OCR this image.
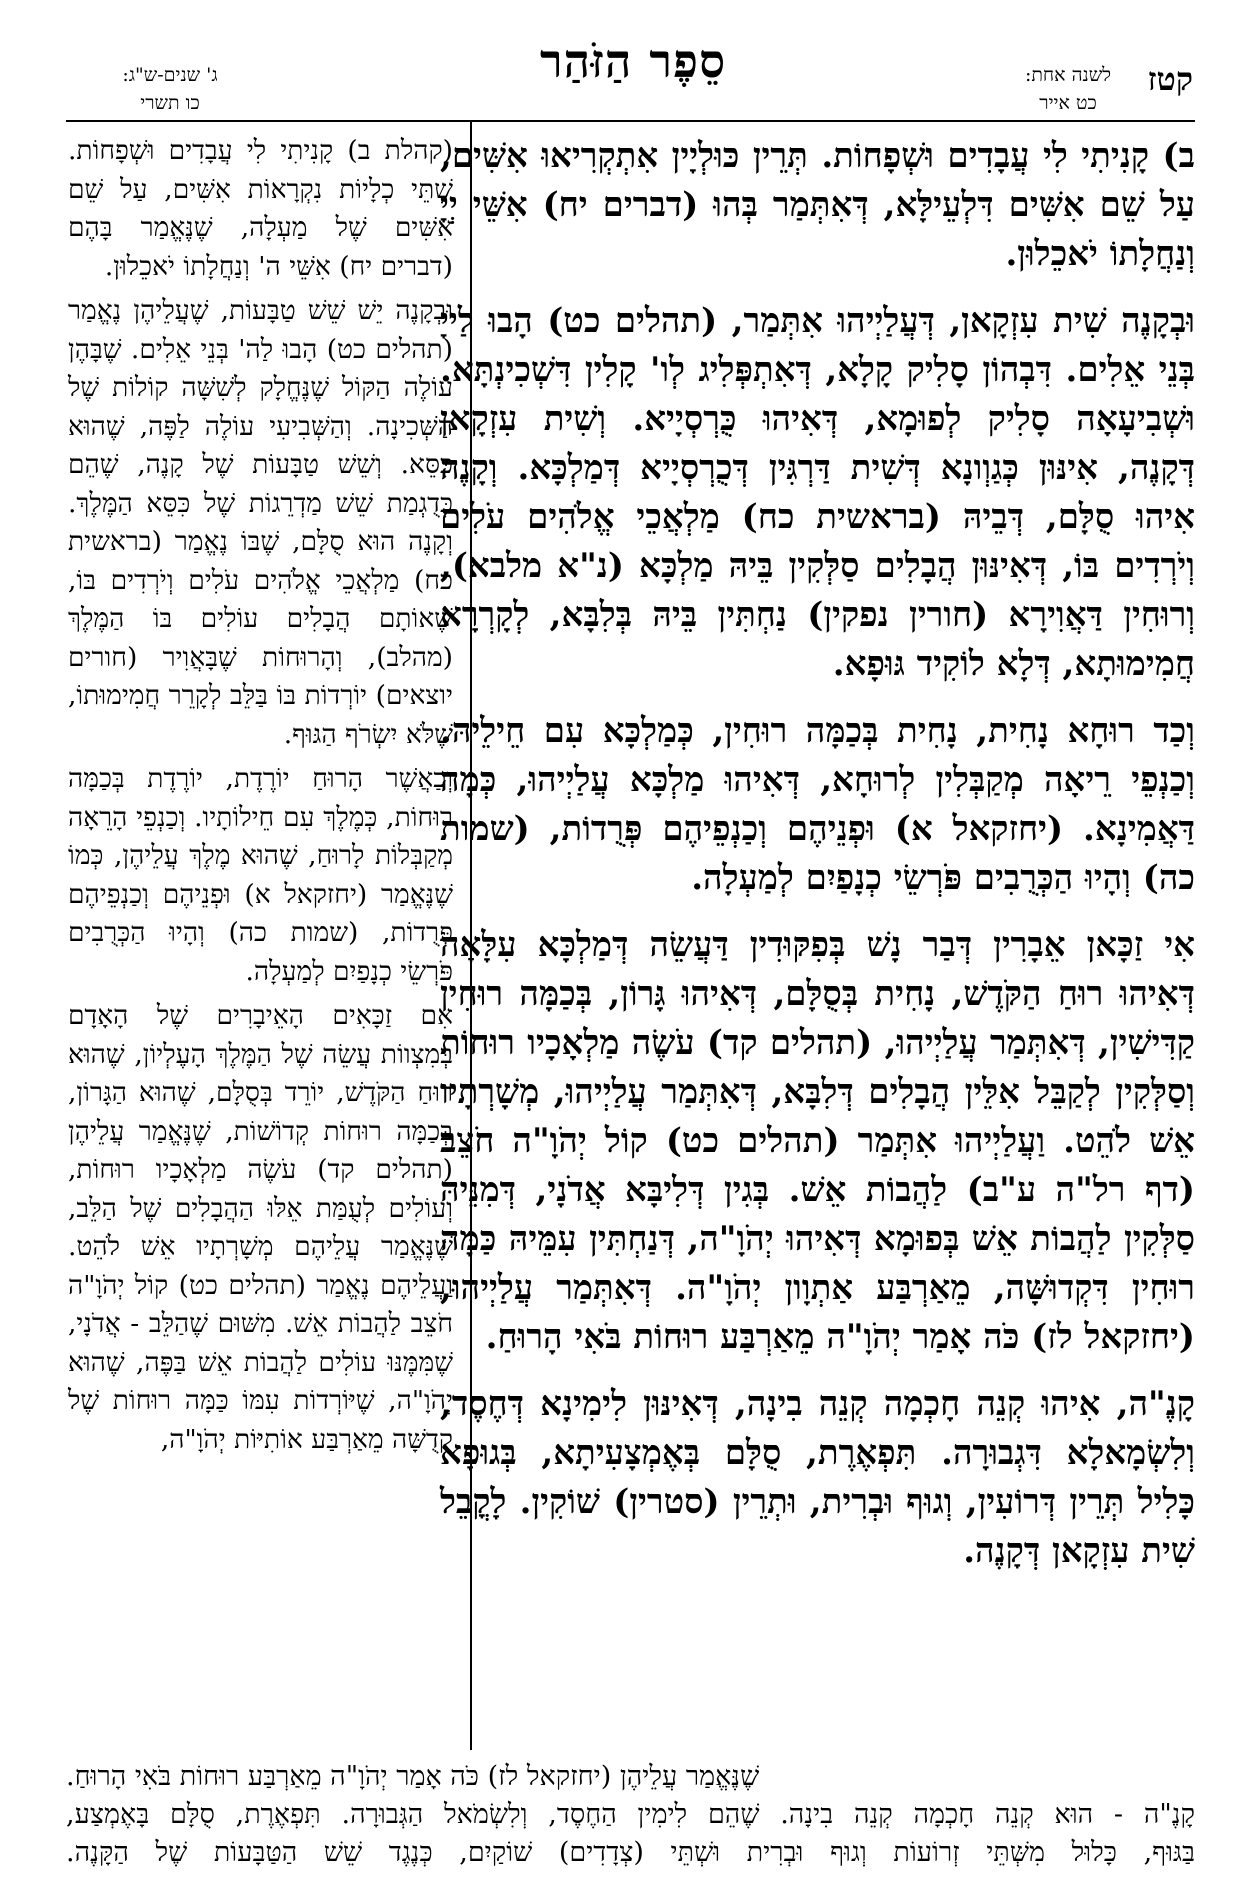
קטז
לשנה אחת:
כט אייר
סֵפֶר הַזֹּהַר
ג' שנים-ש"ג:
כו תשרי

ב) קָנִיתִי לִי עֲבָדִים וּשְׁפָחוֹת. תְּרֵין כּוּלְיָין אִתְקְרִיאוּ אִשִּׁים, עַל שֵׁם אִשִּׁים דִּלְעֵילָּא, דְּאִתְּמַר בְּהוּ (דברים יח) אִשֵּׁי יְיָ וְנַחֲלָתוֹ יֹאכֵלוּן.

וּבְקָנֶה שִׁית עִזְקָאן, דְּעֲלַיְיהוּ אִתְּמַר, (תהלים כט) הָבוּ לַייָ בְּנֵי אֵלִים. דִּבְהוֹן סָלִיק קָלָא, דְּאִתְפְּלִיג לְו' קָלִין דִּשְׁכִינְתָּא. וּשְׁבִיעָאָה סָלִיק לְפוּמָא, דְּאִיהוּ כֻּרְסְיָיא. וְשִׁית עִזְקָאן דְּקָנֶה, אִינּוּן כְּגַוְונָא דְּשִׁית דַּרְגִּין דְּכֻרְסְיָיא דְּמַלְכָּא. וְקָנֶה אִיהוּ סֻלָּם, דְּבֵיהּ (בראשית כח) מַלְאֲכֵי אֱלֹהִים עֹלִים וְיֹרְדִים בּוֹ, דְּאִינּוּן הֲבָלִים סַלְּקִין בֵּיהּ מַלְכָּא (נ"א מלבא), וְרוּחִין דַּאֲוִירָא (חורין נפקין) נַחְתִּין בֵּיהּ בְּלִבָּא, לְקָרְרָא חֲמִימוּתָא, דְּלָא לוֹקִיד גּוּפָא.

וְכַד רוּחָא נָחִית, נָחִית בְּכַמָּה רוּחִין, כְּמַלְכָּא עִם חֵילֵיהּ. וְכַנְפֵי רֵיאָה מְקַבְּלִין לְרוּחָא, דְּאִיהוּ מַלְכָּא עֲלַיְיהוּ, כְּמָה דַּאֲמִינָא. (יחזקאל א) וּפְנֵיהֶם וְכַנְפֵיהֶם פְּרֻדוֹת, (שמות כה) וְהָיוּ הַכְּרֻבִים פֹּרְשֵׂי כְנָפַיִם לְמַעְלָה.

אִי זַכָּאן אֵבָרִין דְּבַר נָשׁ בְּפִקּוּדִין דַּעֲשֵׂה דְּמַלְכָּא עִלָּאָה דְּאִיהוּ רוּחַ הַקֹּדֶשׁ, נָחִית בְּסֻלָּם, דְּאִיהוּ גָּרוֹן, בְּכַמָּה רוּחִין קַדִּישִׁין, דְּאִתְּמַר עֲלַיְיהוּ, (תהלים קד) עֹשֶׂה מַלְאָכָיו רוּחוֹת וְסַלְּקִין לְקַבֵּל אִלֵּין הֲבָלִים דְּלִבָּא, דְּאִתְּמַר עֲלַיְיהוּ, מְשָׁרְתָיו אֵשׁ לֹהֵט. וַעֲלַיְיהוּ אִתְּמַר (תהלים כט) קוֹל יְהֹוָ"ה חֹצֵב (דף רל"ה ע"ב) לַהֲבוֹת אֵשׁ. בְּגִין דְּלִיבָּא אֲדֹנָי, דְּמִנֵּיהּ סַלְּקִין לַהֲבוֹת אֵשׁ בְּפוּמָא דְּאִיהוּ יְהֹוָ"ה, דְּנַחְתִּין עִמֵּיהּ כַּמָּה רוּחִין דִּקְדוּשָּׁה, מֵאַרְבַּע אַתְוָון יְהֹוָ"ה. דְּאִתְּמַר עֲלַיְיהוּ, (יחזקאל לז) כֹּה אָמַר יְהֹוָ"ה מֵאַרְבַּע רוּחוֹת בֹּאִי הָרוּחַ.

קָנֶ"ה, אִיהוּ קְנֵה חָכְמָה קְנֵה בִינָה, דְּאִינּוּן לִימִינָא דְּחֶסֶד, וְלִשְׂמָאלָא דִּגְבוּרָה. תִּפְאֶרֶת, סֻלָּם בְּאֶמְצָעִיתָא, בְּגוּפָא כָּלִיל תְּרֵין דְּרוֹעִין, וְגוּף וּבְרִית, וּתְרֵין (סטרין) שׁוֹקִין. לָקֳבֵל שִׁית עִזְקָאן דְּקָנֶה.

(קהלת ב) קָנִיתִי לִי עֲבָדִים וּשְׁפָחוֹת. שְׁתֵּי כְלָיוֹת נִקְרָאוֹת אִשִּׁים, עַל שֵׁם אִשִּׁים שֶׁל מַעְלָה, שֶׁנֶּאֱמַר בָּהֶם (דברים יח) אִשֵּׁי ה' וְנַחֲלָתוֹ יֹאכֵלוּן.

וּבְקָנֶה יֵשׁ שֵׁשׁ טַבָּעוֹת, שֶׁעֲלֵיהֶן נֶאֱמַר (תהלים כט) הָבוּ לַה' בְּנֵי אֵלִים. שֶׁבָּהֶן עוֹלֶה הַקּוֹל שֶׁנֶּחֱלָק לְשִׁשָּׁה קוֹלוֹת שֶׁל הַשְּׁכִינָה. וְהַשְּׁבִיעִי עוֹלֶה לַפֶּה, שֶׁהוּא כִּסֵּא. וְשֵׁשׁ טַבָּעוֹת שֶׁל קָנֶה, שֶׁהֵם כְּדֻגְמַת שֵׁשׁ מַדְרֵגוֹת שֶׁל כִּסֵּא הַמֶּלֶךְ. וְקָנֶה הוּא סֻלָּם, שֶׁבּוֹ נֶאֱמַר (בראשית כח) מַלְאֲכֵי אֱלֹהִים עֹלִים וְיֹרְדִים בּוֹ, שֶׁאוֹתָם הֲבָלִים עוֹלִים בּוֹ הַמֶּלֶךְ (מהלב), וְהָרוּחוֹת שֶׁבָּאֲוִיר (חורים יוצאים) יוֹרְדוֹת בּוֹ בַּלֵּב לְקָרֵר חֲמִימוּתוֹ, שֶׁלֹּא יִשְׂרֹף הַגּוּף.

וְכַאֲשֶׁר הָרוּחַ יוֹרֶדֶת, יוֹרֶדֶת בְּכַמָּה רוּחוֹת, כְּמֶלֶךְ עִם חֵילוֹתָיו. וְכַנְפֵי הָרֵאָה מְקַבְּלוֹת לָרוּחַ, שֶׁהוּא מֶלֶךְ עֲלֵיהֶן, כְּמוֹ שֶׁנֶּאֱמַר (יחזקאל א) וּפְנֵיהֶם וְכַנְפֵיהֶם פְּרֻדוֹת, (שמות כה) וְהָיוּ הַכְּרֻבִים פֹּרְשֵׂי כְנָפַיִם לְמַעְלָה.

אִם זַכָּאִים הָאֵיבָרִים שֶׁל הָאָדָם בְּמִצְווֹת עֲשֵׂה שֶׁל הַמֶּלֶךְ הָעֶלְיוֹן, שֶׁהוּא רוּחַ הַקֹּדֶשׁ, יוֹרֵד בְּסֻלָּם, שֶׁהוּא הַגָּרוֹן, בְּכַמָּה רוּחוֹת קְדוֹשׁוֹת, שֶׁנֶּאֱמַר עֲלֵיהֶן (תהלים קד) עֹשֶׂה מַלְאָכָיו רוּחוֹת, וְעוֹלִים לְעֻמַּת אֵלּוּ הַהֲבָלִים שֶׁל הַלֵּב, שֶׁנֶּאֱמַר עֲלֵיהֶם מְשָׁרְתָיו אֵשׁ לֹהֵט. וַעֲלֵיהֶם נֶאֱמַר (תהלים כט) קוֹל יְהֹוָ"ה חֹצֵב לַהֲבוֹת אֵשׁ. מִשּׁוּם שֶׁהַלֵּב - אֲדֹנָי, שֶׁמִּמֶּנּוּ עוֹלִים לַהֲבוֹת אֵשׁ בַּפֶּה, שֶׁהוּא יְהֹוָ"ה, שֶׁיּוֹרְדוֹת עִמּוֹ כַּמָּה רוּחוֹת שֶׁל קְדֻשָּׁה מֵאַרְבַּע אוֹתִיּוֹת יְהֹוָ"ה,

שֶׁנֶּאֱמַר עֲלֵיהֶן (יחזקאל לז) כֹּה אָמַר יְהֹוָ"ה מֵאַרְבַּע רוּחוֹת בֹּאִי הָרוּחַ.

קָנֶ"ה - הוּא קְנֵה חָכְמָה קְנֵה בִינָה. שֶׁהֵם לִימִין הַחֶסֶד, וְלִשְׂמֹאל הַגְּבוּרָה. תִּפְאֶרֶת, סֻלָּם בָּאֶמְצַע,

בַּגּוּף, כָּלוּל מִשְּׁתֵּי זְרוֹעוֹת וְגוּף וּבְרִית וּשְׁתֵּי (צְדָדִים) שׁוֹקַיִם, כְּנֶגֶד שֵׁשׁ הַטַּבָּעוֹת שֶׁל הַקָּנֶה.
